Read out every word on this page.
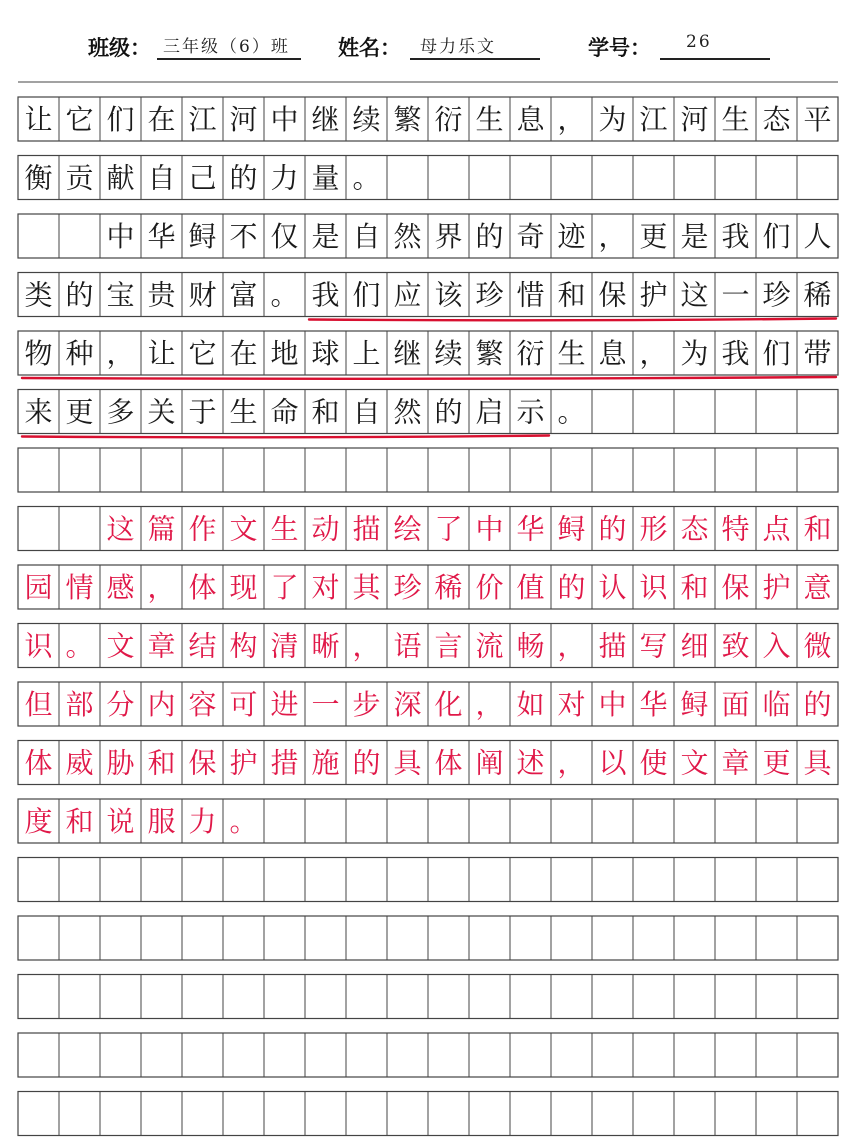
班级： 三年级（6）班 姓名： 母力乐文	学号： 26
让 它 们 在 江 河 中 继 续 繁 衍 生 息 ， 为 江 河 生 态 平
衡 贡 献 自 己 的 力 量 。
中 华 鲟 不 仅 是 自 然 界 的 奇 迹 ， 更 是 我 们 人
类 的 宝 贵 财 富 。 我 们 应 该 珍 惜 和 保 护 这 一 珍 稀
物 种 ， 让 它 在 地 球 上 继 续 繁 衍 生 息 ， 为 我 们 带
来 更 多 关 于 生 命 和 自 然 的 启 示 。
这 篇 作 文 生 动 描 绘 了 中 华 鲟 的 形 态 特 点 和
园 情 感 ， 体 现 了 对 其 珍 稀 价 值 的 认 识 和 保 护 意
识 。 文 章 结 构 清 晰 ， 语 言 流 畅 ， 描 写 细 致 入 微
但 部 分 内 容 可 进 一 步 深 化 ， 如 对 中 华 鲟 面 临 的
体 威 胁 和 保 护 措 施 的 具 体 阐 述 ， 以 使 文 章 更 具
度 和 说 服 力 。
